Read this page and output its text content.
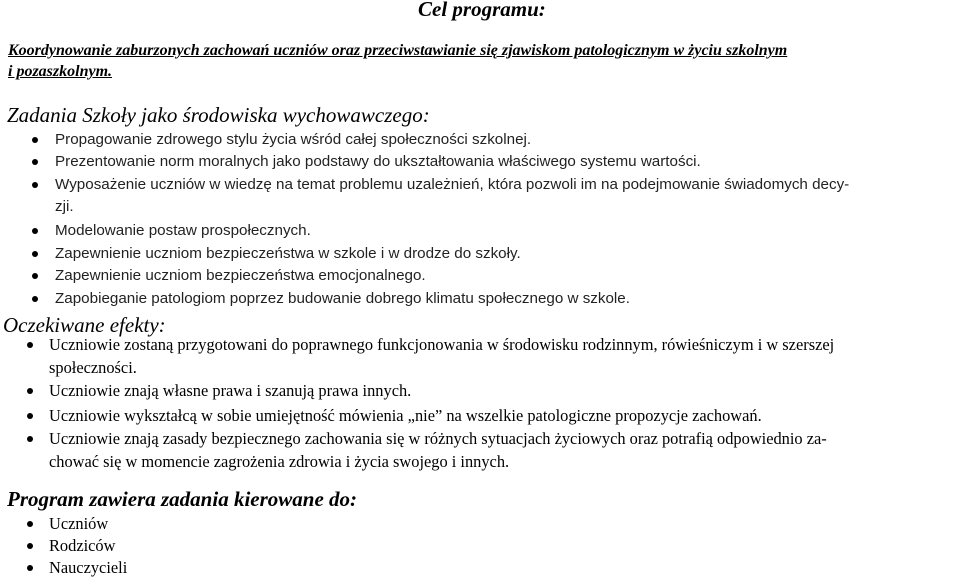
Cel programu:
Koordynowanie zaburzonych zachowań uczniów oraz przeciwstawianie się zjawiskom patologicznym w życiu szkolnym
i pozaszkolnym.
Zadania Szkoły jako środowiska wychowawczego:
Propagowanie zdrowego stylu życia wśród całej społeczności szkolnej.
Prezentowanie norm moralnych jako podstawy do ukształtowania właściwego systemu wartości.
Wyposażenie uczniów w wiedzę na temat problemu uzależnień, która pozwoli im na podejmowanie świadomych decy-
zji.
Modelowanie postaw prospołecznych.
Zapewnienie uczniom bezpieczeństwa w szkole i w drodze do szkoły.
Zapewnienie uczniom bezpieczeństwa emocjonalnego.
Zapobieganie patologiom poprzez budowanie dobrego klimatu społecznego w szkole.
Oczekiwane efekty:
Uczniowie zostaną przygotowani do poprawnego funkcjonowania w środowisku rodzinnym, rówieśniczym i w szerszej
społeczności.
Uczniowie znają własne prawa i szanują prawa innych.
Uczniowie wykształcą w sobie umiejętność mówienia „nie” na wszelkie patologiczne propozycje zachowań.
Uczniowie znają zasady bezpiecznego zachowania się w różnych sytuacjach życiowych oraz potrafią odpowiednio za-
chować się w momencie zagrożenia zdrowia i życia swojego i innych.
Program zawiera zadania kierowane do:
Uczniów
Rodziców
Nauczycieli
